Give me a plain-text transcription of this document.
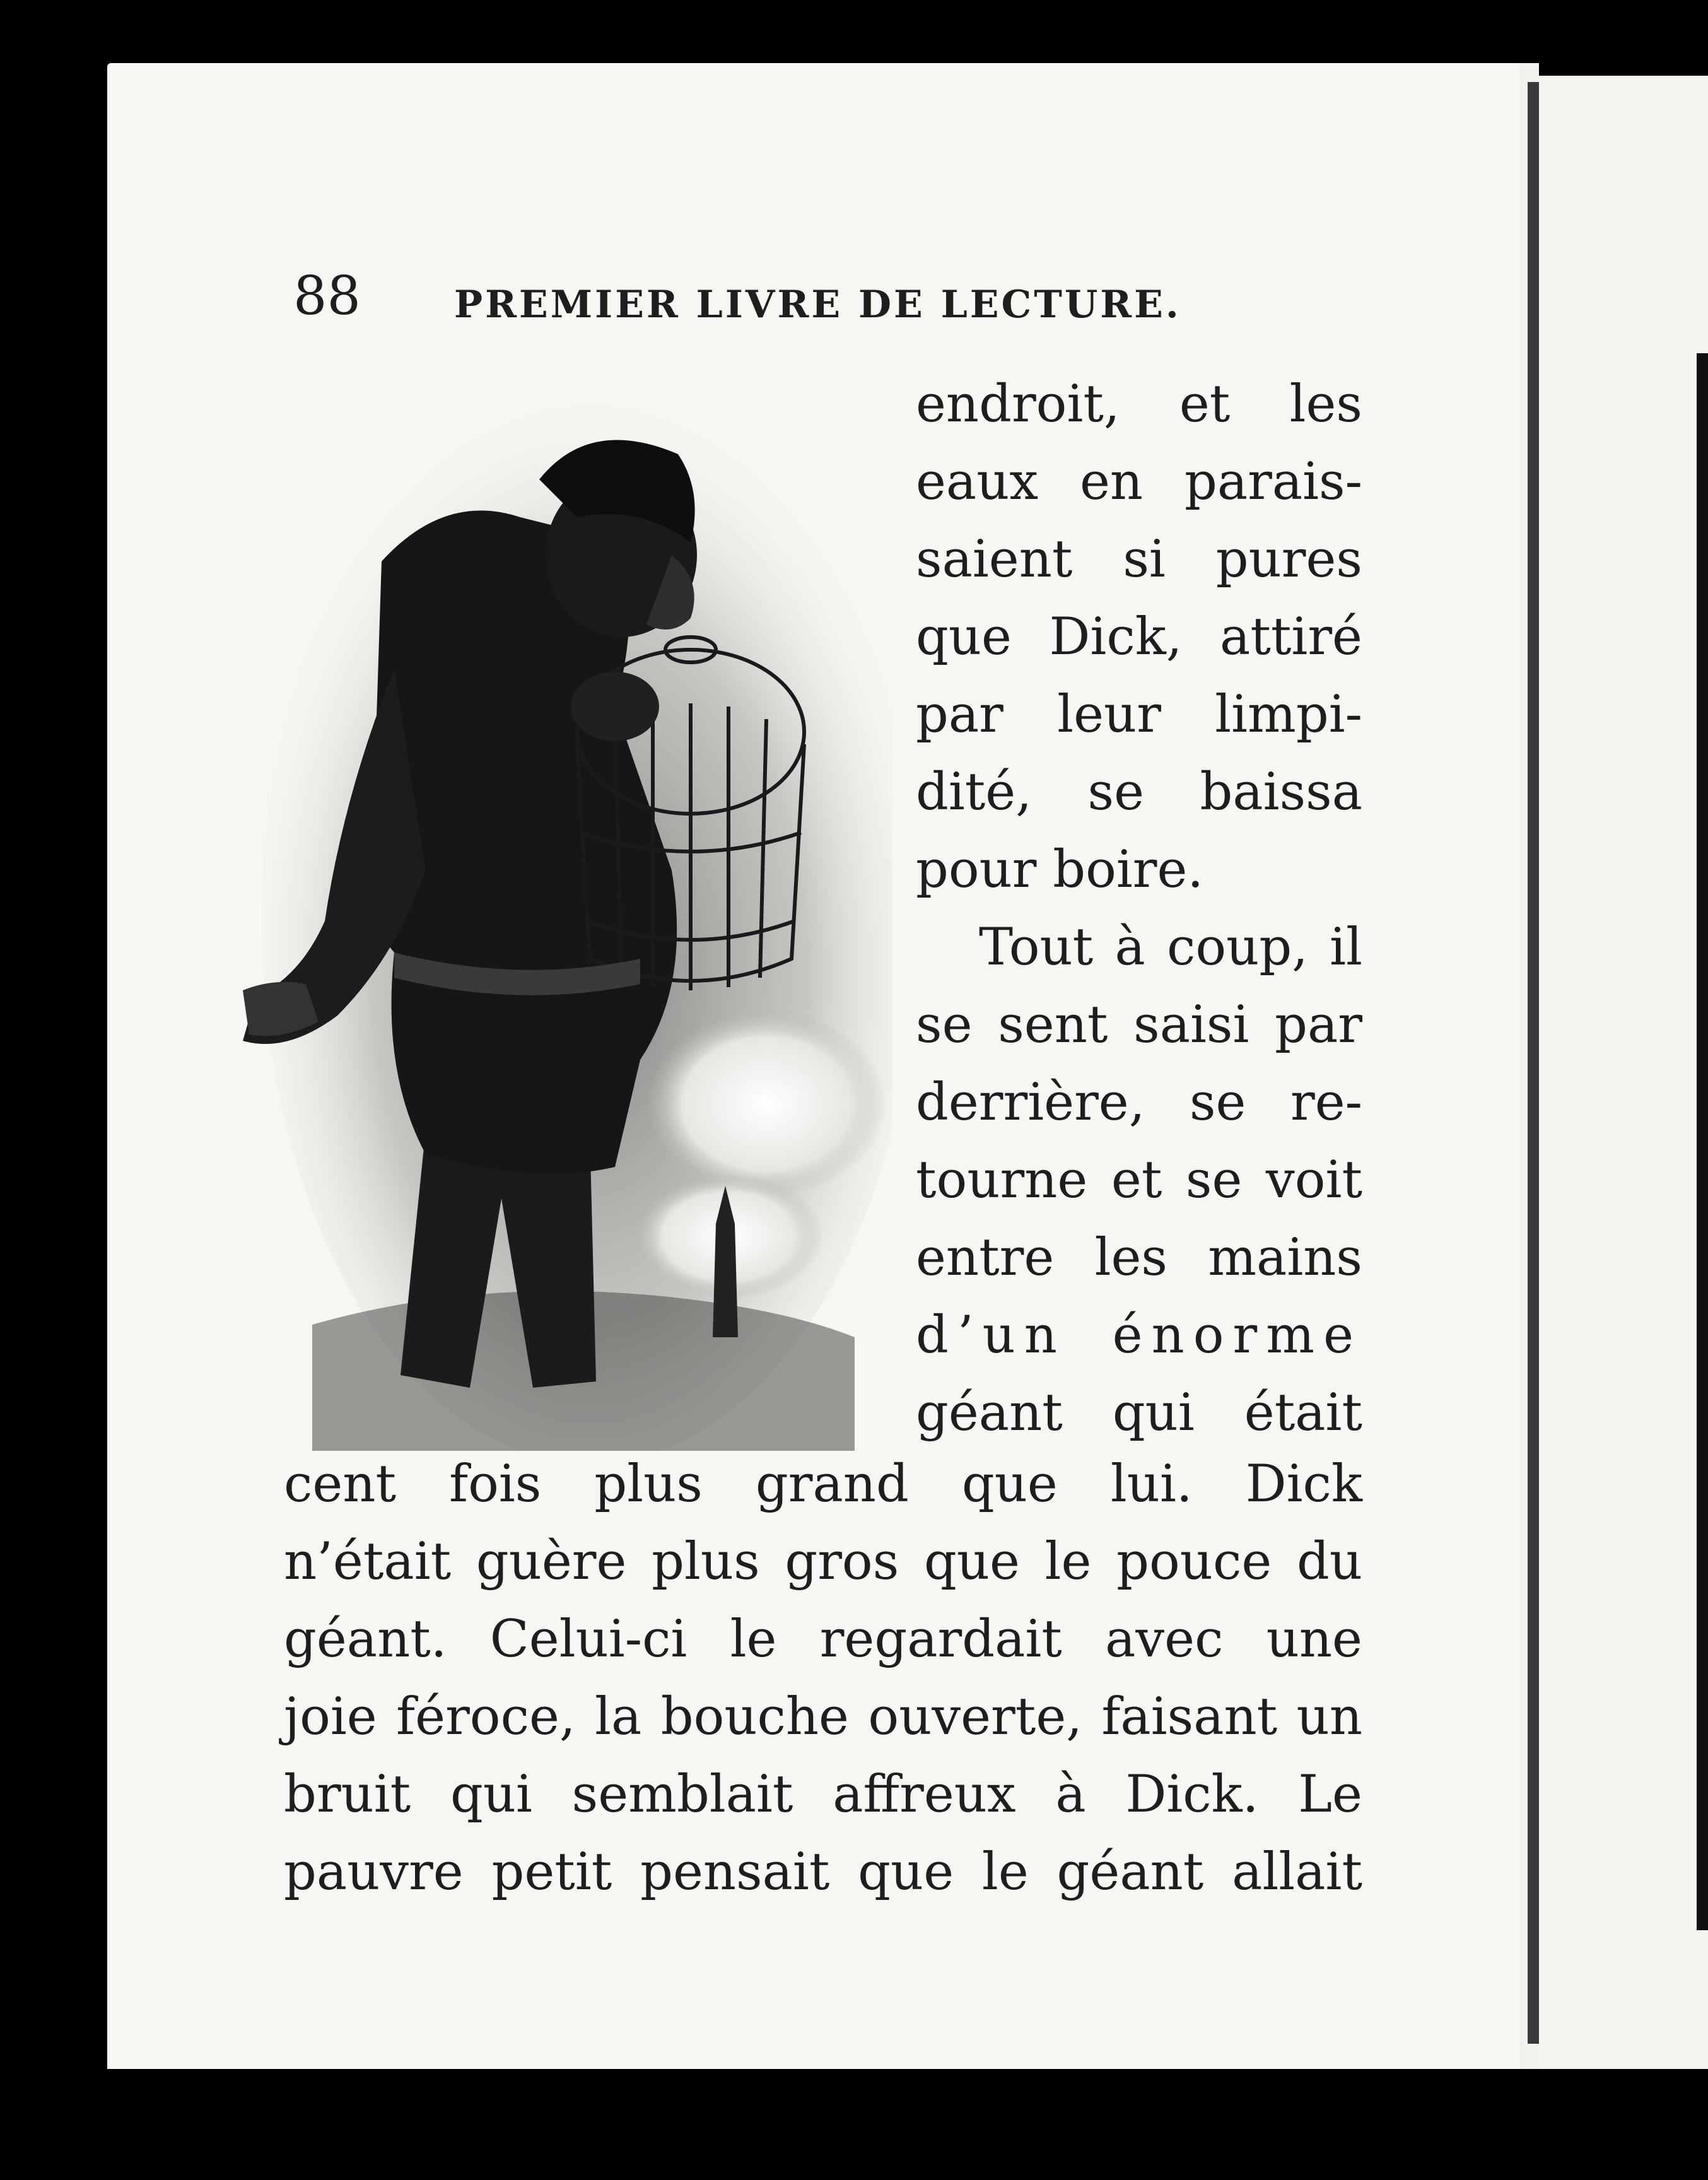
88 PREMIER LIVRE DE LECTURE.
endroit, et les
eaux en parais-
saient si pures
que Dick, attiré
par leur limpi-
dité, se baissa
pour boire.
Tout à coup, il
se sent saisi par
derrière, se re-
tourne et se voit
entre les mains
d’un énorme
géant qui était
cent fois plus grand que lui. Dick
n’était guère plus gros que le pouce du
géant. Celui-ci le regardait avec une
joie féroce, la bouche ouverte, faisant un
bruit qui semblait affreux à Dick. Le
pauvre petit pensait que le géant allait
